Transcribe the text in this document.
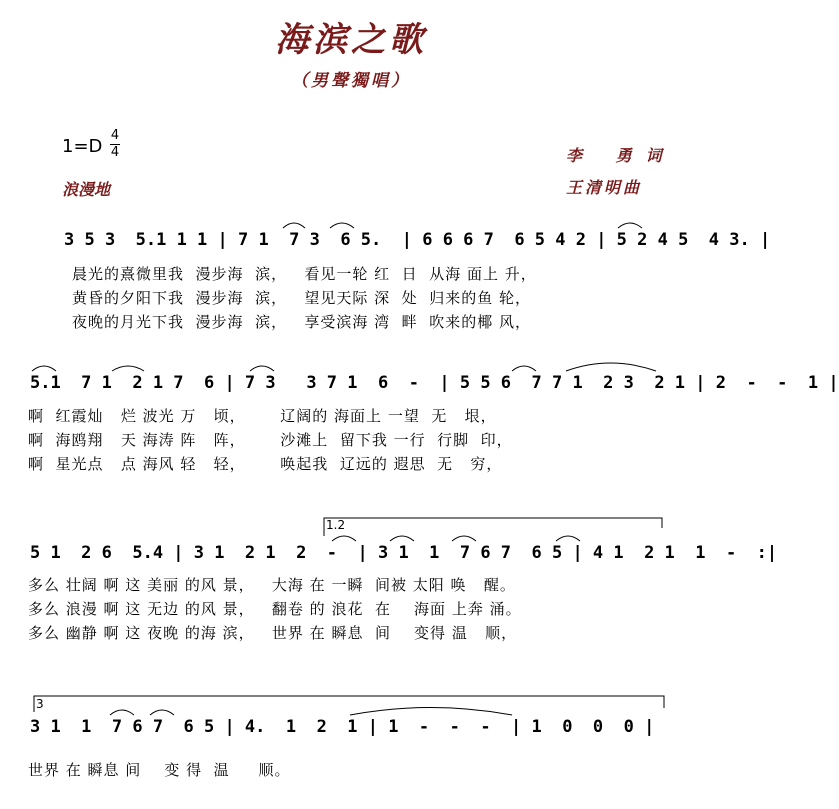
海滨之歌
（男聲獨唱）
1=D
4
4
浪漫地
李 勇词
王清明曲
3 5 3  5.1 1 1 | 7 1  7 3  6 5.  | 6 6 6 7  6 5 4 2 | 5 2 4 5  4 3. |
晨光的熹微里我  漫步海  滨，   看见一轮 红  日  从海 面上 升，
黄昏的夕阳下我  漫步海  滨，   望见天际 深  处  归来的鱼 轮，
夜晚的月光下我  漫步海  滨，   享受滨海 湾  畔  吹来的椰 风，
5.1  7 1  2 1 7  6 | 7 3   3 7 1  6  -  | 5 5 6  7 7 1  2 3  2 1 | 2  -  -  1 |
啊  红霞灿   烂 波光 万   顷，      辽阔的 海面上 一望  无   垠，
啊  海鸥翔   天 海涛 阵   阵，      沙滩上  留下我 一行  行脚  印，
啊  星光点   点 海风 轻   轻，      唤起我  辽远的 遐思  无   穷，
1.2
5 1  2 6  5.4 | 3 1  2 1  2  -  | 3 1  1  7 6 7  6 5 | 4 1  2 1  1  -  :|
多么 壮阔 啊 这 美丽 的风 景，   大海 在 一瞬  间被 太阳 唤   醒。
多么 浪漫 啊 这 无边 的风 景，   翻卷 的 浪花  在    海面 上奔 涌。
多么 幽静 啊 这 夜晚 的海 滨，   世界 在 瞬息  间    变得 温   顺，
3
3 1  1  7 6 7  6 5 | 4.  1  2  1 | 1  -  -  -  | 1  0  0  0 |
世界 在 瞬息 间    变 得  温     顺。
